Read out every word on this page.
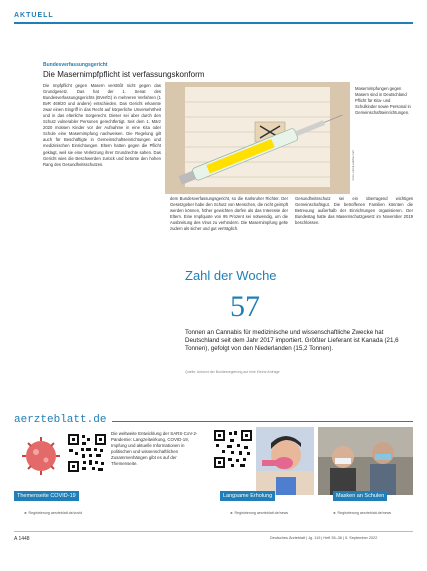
AKTUELL
Bundesverfassungsgericht
Die Masernimpfpflicht ist verfassungskonform
Masernimpfungen gegen Masern sind in Deutschland Pflicht für Kita- und Schulkinder sowie Personal in Gemeinschaftseinrichtungen.
Foto: stock.adobe.com
Die Impfpflicht gegen Masern verstößt nicht gegen das Grundgesetz. Das hat der 1. Senat des Bundesverfassungsgerichts (BVerfG) in mehreren Verfahren (1 BvR 469/20 und andere) entschieden. Das Gericht erkannte zwar einen Eingriff in das Recht auf körperliche Unversehrtheit und in das elterliche Sorgerecht. Dieser sei aber durch den Schutz vulnerabler Personen gerechtfertigt. Seit dem 1. März 2020 müssen Kinder vor der Aufnahme in eine Kita oder Schule eine Masernimpfung nachweisen. Die Regelung gilt auch für Beschäftigte in Gemeinschaftseinrichtungen und medizinischen Einrichtungen. Eltern hatten gegen die Pflicht geklagt, weil sie eine Verletzung ihrer Grundrechte sahen. Das Gericht wies die Beschwerden zurück und betonte den hohen Rang des Gesundheitsschutzes.
dem Bundesverfassungsgericht, so die Karlsruher Richter. Der Gesetzgeber habe den Schutz von Menschen, die nicht geimpft werden können, höher gewichten dürfen als das Interesse der Eltern. Eine Impfquote von 95 Prozent sei notwendig, um die Ausbreitung des Virus zu verhindern. Die Masernimpfung gelte zudem als sicher und gut verträglich.
Gesundheitsschutz sei ein überragend wichtiges Gemeinschaftsgut. Die betroffenen Familien könnten die Betreuung außerhalb der Einrichtungen organisieren. Der Bundestag hatte das Masernschutzgesetz im November 2019 beschlossen.
Zahl der Woche
57
Tonnen an Cannabis für medizinische und wissenschaftliche Zwecke hat Deutschland seit dem Jahr 2017 importiert. Größter Lieferant ist Kanada (21,6 Tonnen), gefolgt von den Niederlanden (15,2 Tonnen).
Quelle: Antwort der Bundesregierung auf eine Kleine Anfrage
aerzteblatt.de
Themenseite COVID-19
► Registrierung aerzteblatt.de/covid
Die weltweite Entwicklung der SARS-CoV-2-Pandemie: Langzeitwirkung, COVID-19, Impfung und aktuelle Informationen in politischen und wissenschaftlichen Zusammenhängen gibt es auf der Themenseite.
Langsame Erholung
► Registrierung aerzteblatt.de/news
Masken an Schulen
► Registrierung aerzteblatt.de/news
A 1448	Deutsches Ärzteblatt | Jg. 119 | Heft 35–36 | 5. September 2022
